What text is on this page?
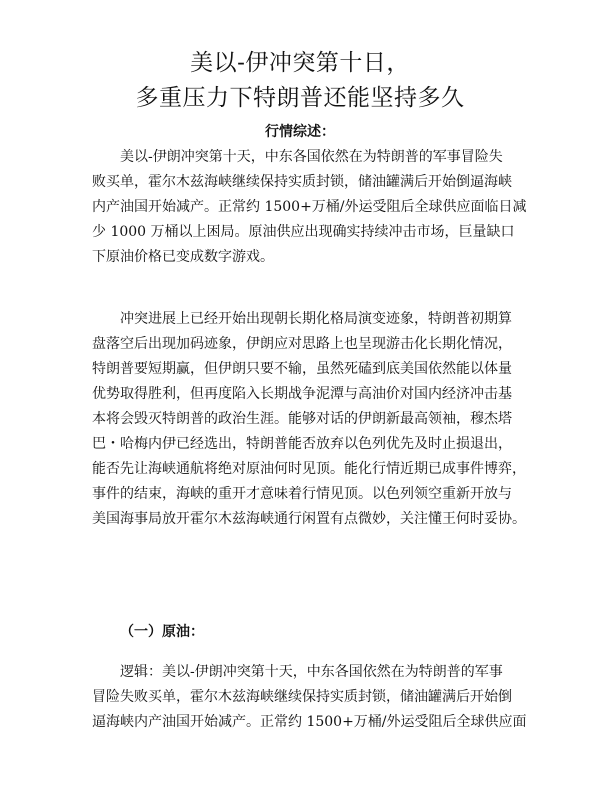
美以-伊冲突第十日，
多重压力下特朗普还能坚持多久
行情综述：
美以-伊朗冲突第十天，中东各国依然在为特朗普的军事冒险失
败买单，霍尔木兹海峡继续保持实质封锁，储油罐满后开始倒逼海峡
内产油国开始减产。正常约 1500+万桶/外运受阻后全球供应面临日减
少 1000 万桶以上困局。原油供应出现确实持续冲击市场，巨量缺口
下原油价格已变成数字游戏。
冲突进展上已经开始出现朝长期化格局演变迹象，特朗普初期算
盘落空后出现加码迹象，伊朗应对思路上也呈现游击化长期化情况，
特朗普要短期赢，但伊朗只要不输，虽然死磕到底美国依然能以体量
优势取得胜利，但再度陷入长期战争泥潭与高油价对国内经济冲击基
本将会毁灭特朗普的政治生涯。能够对话的伊朗新最高领袖，穆杰塔
巴・哈梅内伊已经选出，特朗普能否放弃以色列优先及时止损退出，
能否先让海峡通航将绝对原油何时见顶。能化行情近期已成事件博弈，
事件的结束，海峡的重开才意味着行情见顶。以色列领空重新开放与
美国海事局放开霍尔木兹海峡通行闲置有点微妙，关注懂王何时妥协。
（一）原油：
逻辑：美以-伊朗冲突第十天，中东各国依然在为特朗普的军事
冒险失败买单，霍尔木兹海峡继续保持实质封锁，储油罐满后开始倒
逼海峡内产油国开始减产。正常约 1500+万桶/外运受阻后全球供应面
